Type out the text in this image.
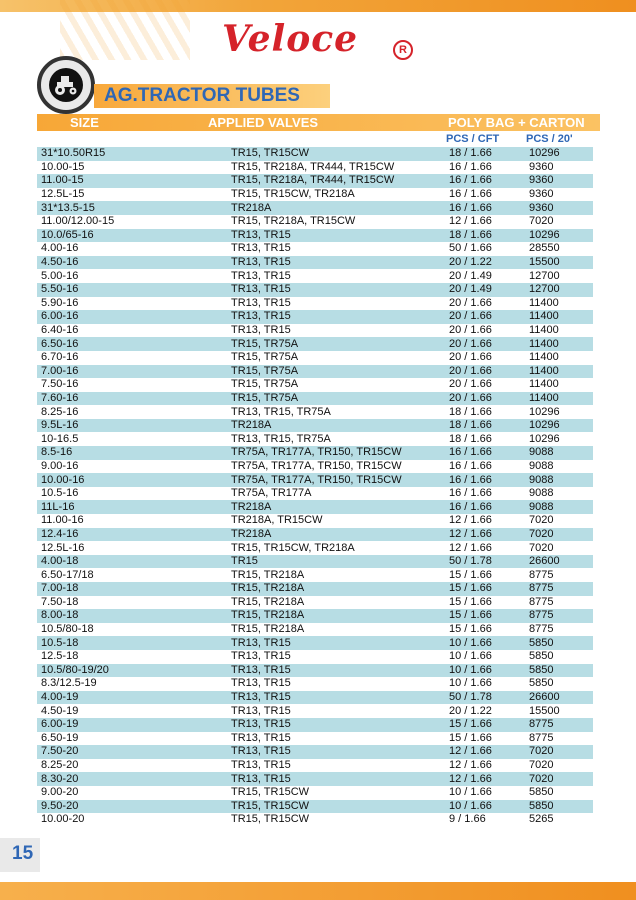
Veloce	R
AG.TRACTOR TUBES
SIZE	APPLIED VALVES	POLY BAG + CARTON
PCS / CFT PCS / 20'
31*10.50R15	TR15, TR15CW	18 / 1.66	10296
10.00-15	TR15, TR218A, TR444, TR15CW	16 / 1.66	9360
11.00-15	TR15, TR218A, TR444, TR15CW	16 / 1.66	9360
12.5L-15	TR15, TR15CW, TR218A	16 / 1.66	9360
31*13.5-15	TR218A	16 / 1.66	9360
11.00/12.00-15	TR15, TR218A, TR15CW	12 / 1.66	7020
10.0/65-16	TR13, TR15	18 / 1.66	10296
4.00-16	TR13, TR15	50 / 1.66	28550
4.50-16	TR13, TR15	20 / 1.22	15500
5.00-16	TR13, TR15	20 / 1.49	12700
5.50-16	TR13, TR15	20 / 1.49	12700
5.90-16	TR13, TR15	20 / 1.66	11400
6.00-16	TR13, TR15	20 / 1.66	11400
6.40-16	TR13, TR15	20 / 1.66	11400
6.50-16	TR15, TR75A	20 / 1.66	11400
6.70-16	TR15, TR75A	20 / 1.66	11400
7.00-16	TR15, TR75A	20 / 1.66	11400
7.50-16	TR15, TR75A	20 / 1.66	11400
7.60-16	TR15, TR75A	20 / 1.66	11400
8.25-16	TR13, TR15, TR75A	18 / 1.66	10296
9.5L-16	TR218A	18 / 1.66	10296
10-16.5	TR13, TR15, TR75A	18 / 1.66	10296
8.5-16	TR75A, TR177A, TR150, TR15CW	16 / 1.66	9088
9.00-16	TR75A, TR177A, TR150, TR15CW	16 / 1.66	9088
10.00-16	TR75A, TR177A, TR150, TR15CW	16 / 1.66	9088
10.5-16	TR75A, TR177A	16 / 1.66	9088
11L-16	TR218A	16 / 1.66	9088
11.00-16	TR218A, TR15CW	12 / 1.66	7020
12.4-16	TR218A	12 / 1.66	7020
12.5L-16	TR15, TR15CW, TR218A	12 / 1.66	7020
4.00-18	TR15	50 / 1.78	26600
6.50-17/18	TR15, TR218A	15 / 1.66	8775
7.00-18	TR15, TR218A	15 / 1.66	8775
7.50-18	TR15, TR218A	15 / 1.66	8775
8.00-18	TR15, TR218A	15 / 1.66	8775
10.5/80-18	TR15, TR218A	15 / 1.66	8775
10.5-18	TR13, TR15	10 / 1.66	5850
12.5-18	TR13, TR15	10 / 1.66	5850
10.5/80-19/20	TR13, TR15	10 / 1.66	5850
8.3/12.5-19	TR13, TR15	10 / 1.66	5850
4.00-19	TR13, TR15	50 / 1.78	26600
4.50-19	TR13, TR15	20 / 1.22	15500
6.00-19	TR13, TR15	15 / 1.66	8775
6.50-19	TR13, TR15	15 / 1.66	8775
7.50-20	TR13, TR15	12 / 1.66	7020
8.25-20	TR13, TR15	12 / 1.66	7020
8.30-20	TR13, TR15	12 / 1.66	7020
9.00-20	TR15, TR15CW	10 / 1.66	5850
9.50-20	TR15, TR15CW	10 / 1.66	5850
10.00-20	TR15, TR15CW	9 / 1.66	5265
15
